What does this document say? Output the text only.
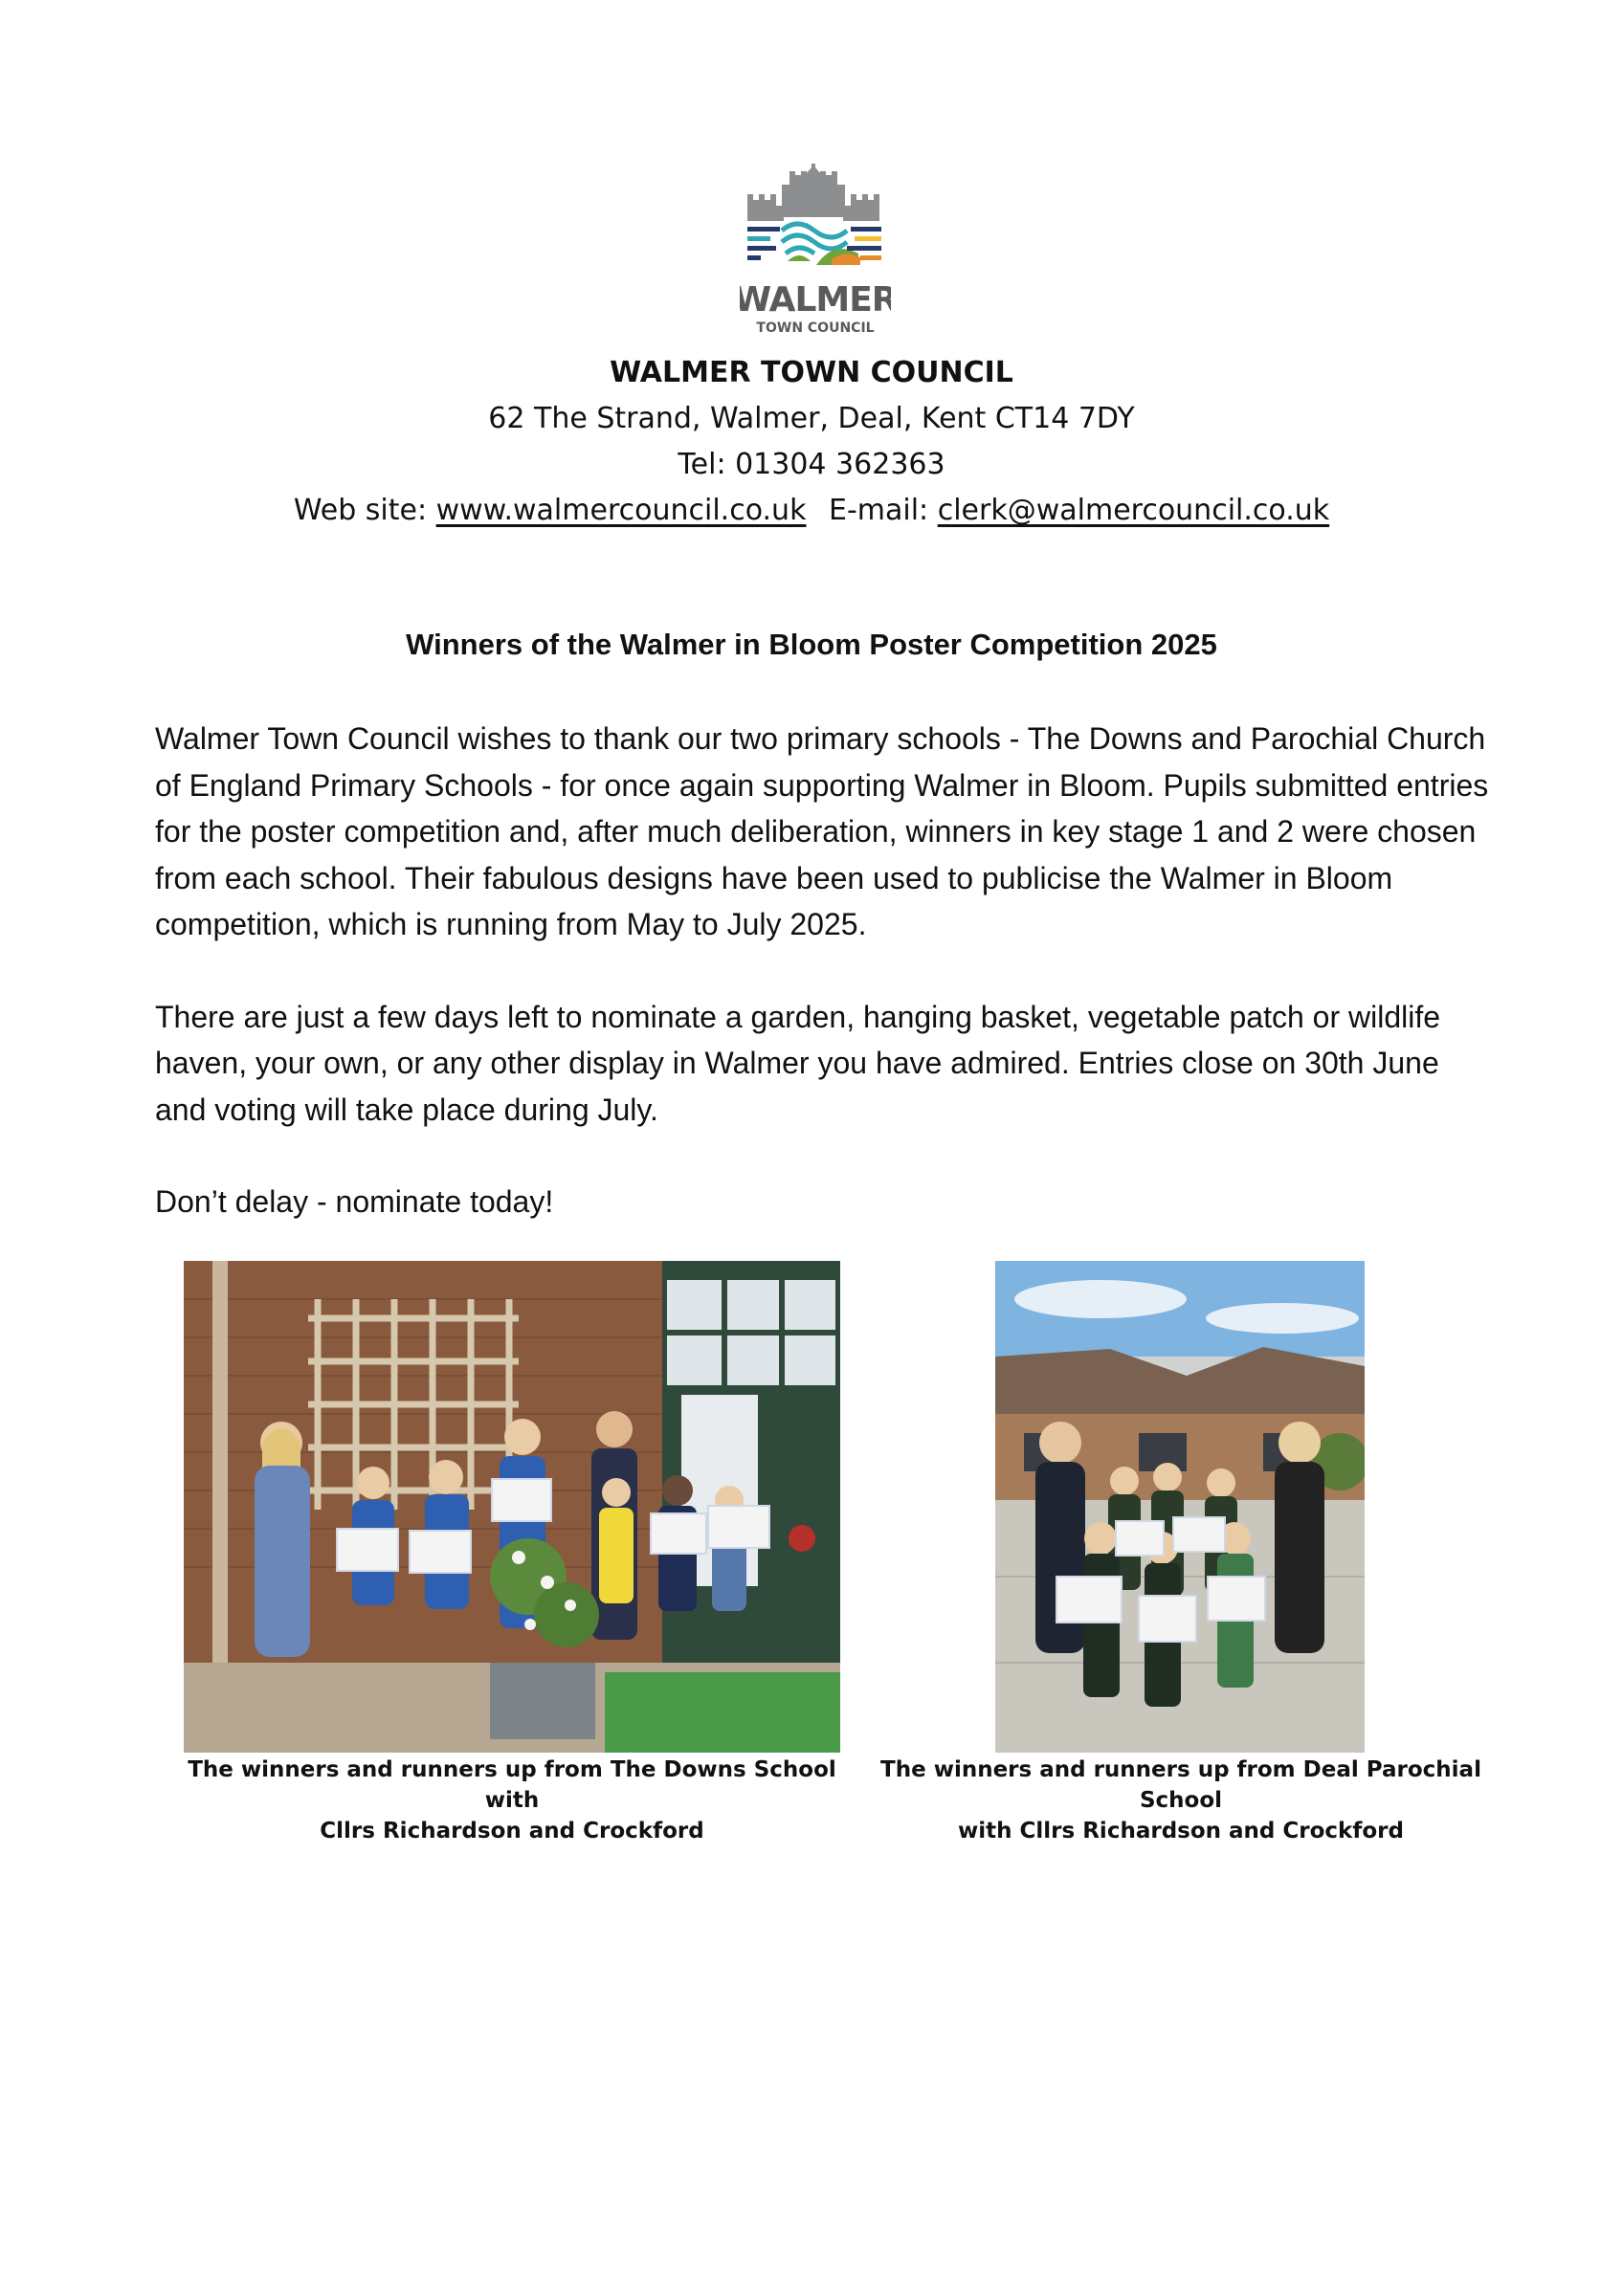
WALMER
TOWN COUNCIL
WALMER TOWN COUNCIL
62 The Strand, Walmer, Deal, Kent CT14 7DY
Tel: 01304 362363
Web site: www.walmercouncil.co.uk E-mail: clerk@walmercouncil.co.uk
Winners of the Walmer in Bloom Poster Competition 2025

Walmer Town Council wishes to thank our two primary schools - The Downs and Parochial Church of England Primary Schools - for once again supporting Walmer in Bloom. Pupils submitted entries for the poster competition and, after much deliberation, winners in key stage 1 and 2 were chosen from each school. Their fabulous designs have been used to publicise the Walmer in Bloom competition, which is running from May to July 2025.

There are just a few days left to nominate a garden, hanging basket, vegetable patch or wildlife haven, your own, or any other display in Walmer you have admired. Entries close on 30th June and voting will take place during July.

Don’t delay - nominate today!

The winners and runners up from The Downs School with
Cllrs Richardson and Crockford
The winners and runners up from Deal Parochial School
with Cllrs Richardson and Crockford
